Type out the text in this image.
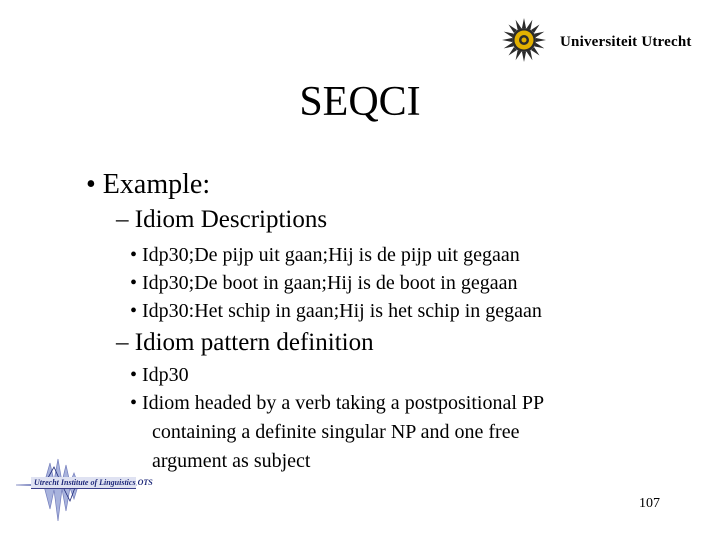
Universiteit Utrecht
SEQCI
• Example:
– Idiom Descriptions
• Idp30;De pijp uit gaan;Hij is de pijp uit gegaan
• Idp30;De boot in gaan;Hij is de boot in gegaan
• Idp30:Het schip in gaan;Hij is het schip in gegaan
– Idiom pattern definition
• Idp30
• Idiom headed by a verb taking a postpositional PP
containing a definite singular NP and one free
argument as subject
Utrecht Institute of Linguistics OTS
107
